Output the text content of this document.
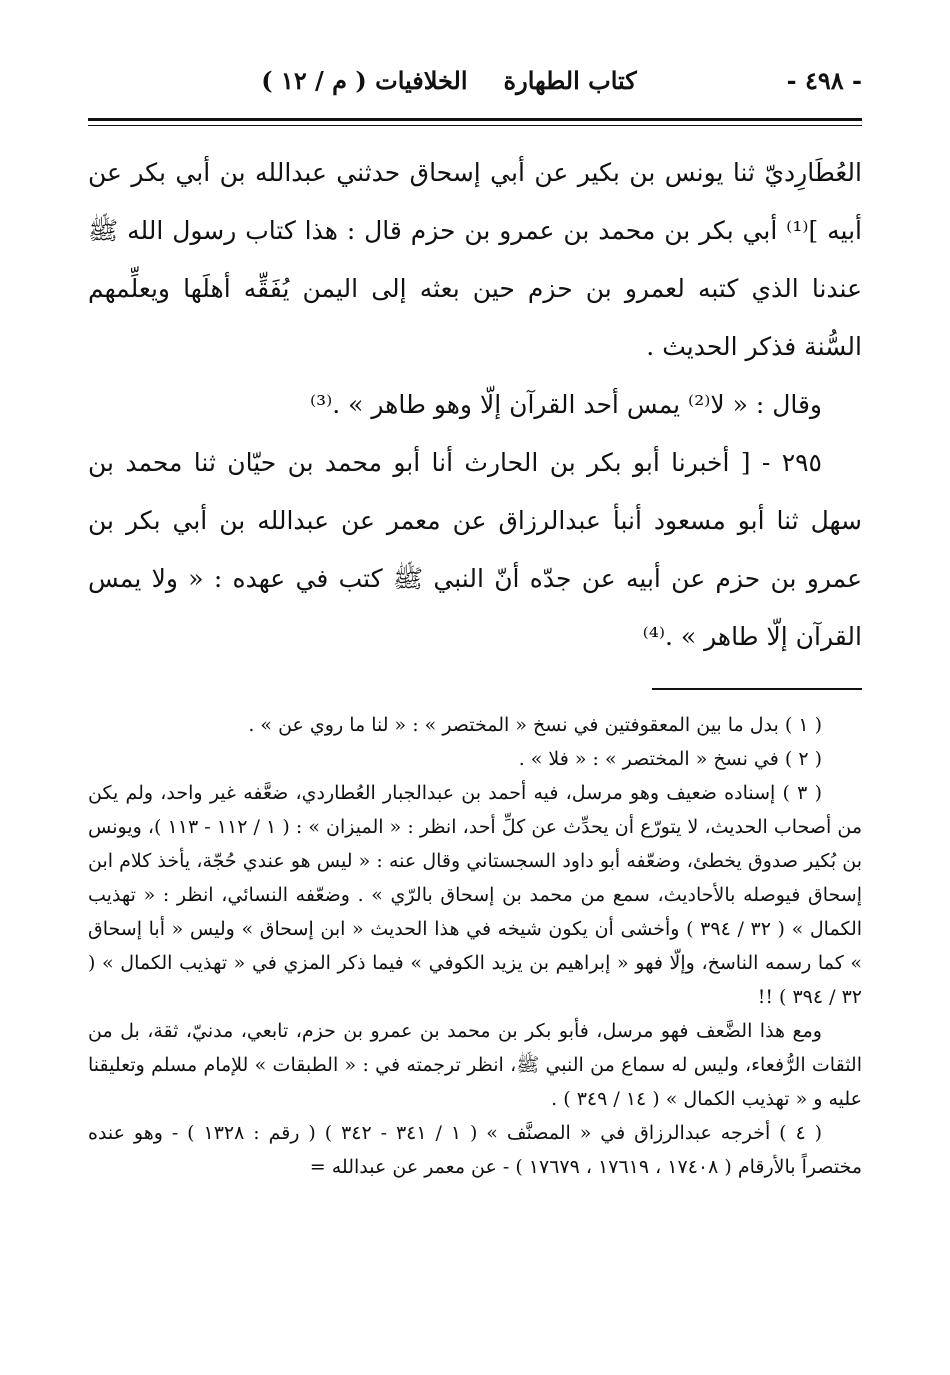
- ٤٩٨ -
كتاب الطهارة
الخلافيات ( م / ١٢ )

العُطَارِديّ ثنا يونس بن بكير عن أبي إسحاق حدثني عبدالله بن أبي بكر عن أبيه ]⁽¹⁾ أبي بكر بن محمد بن عمرو بن حزم قال : هذا كتاب رسول الله ﷺ عندنا الذي كتبه لعمرو بن حزم حين بعثه إلى اليمن يُفَقِّه أهلَها ويعلِّمهم السُّنة فذكر الحديث .

وقال : « لا⁽²⁾ يمس أحد القرآن إلّا وهو طاهر » .⁽³⁾

٢٩٥ - [ أخبرنا أبو بكر بن الحارث أنا أبو محمد بن حيّان ثنا محمد بن سهل ثنا أبو مسعود أنبأ عبدالرزاق عن معمر عن عبدالله بن أبي بكر بن عمرو بن حزم عن أبيه عن جدّه أنّ النبي ﷺ كتب في عهده : « ولا يمس القرآن إلّا طاهر » .⁽⁴⁾

( ١ ) بدل ما بين المعقوفتين في نسخ « المختصر » : « لنا ما روي عن » .

( ٢ ) في نسخ « المختصر » : « فلا » .

( ٣ ) إسناده ضعيف وهو مرسل، فيه أحمد بن عبدالجبار العُطاردي، ضعَّفه غير واحد، ولم يكن من أصحاب الحديث، لا يتورّع أن يحدِّث عن كلِّ أحد، انظر : « الميزان » : ( ١ / ١١٢ - ١١٣ )، ويونس بن بُكير صدوق يخطئ، وضعّفه أبو داود السجستاني وقال عنه : « ليس هو عندي حُجّة، يأخذ كلام ابن إسحاق فيوصله بالأحاديث، سمع من محمد بن إسحاق بالرّي » . وضعّفه النسائي، انظر : « تهذيب الكمال » ( ٣٢ / ٣٩٤ ) وأخشى أن يكون شيخه في هذا الحديث « ابن إسحاق » وليس « أبا إسحاق » كما رسمه الناسخ، وإلّا فهو « إبراهيم بن يزيد الكوفي » فيما ذكر المزي في « تهذيب الكمال » ( ٣٢ / ٣٩٤ ) !!

ومع هذا الضَّعف فهو مرسل، فأبو بكر بن محمد بن عمرو بن حزم، تابعي، مدنيّ، ثقة، بل من الثقات الرُّفعاء، وليس له سماع من النبي ﷺ، انظر ترجمته في : « الطبقات » للإمام مسلم وتعليقنا عليه و « تهذيب الكمال » ( ١٤ / ٣٤٩ ) .

( ٤ ) أخرجه عبدالرزاق في « المصنَّف » ( ١ / ٣٤١ - ٣٤٢ ) ( رقم : ١٣٢٨ ) - وهو عنده مختصراً بالأرقام ( ١٧٤٠٨ ، ١٧٦١٩ ، ١٧٦٧٩ ) - عن معمر عن عبدالله =
